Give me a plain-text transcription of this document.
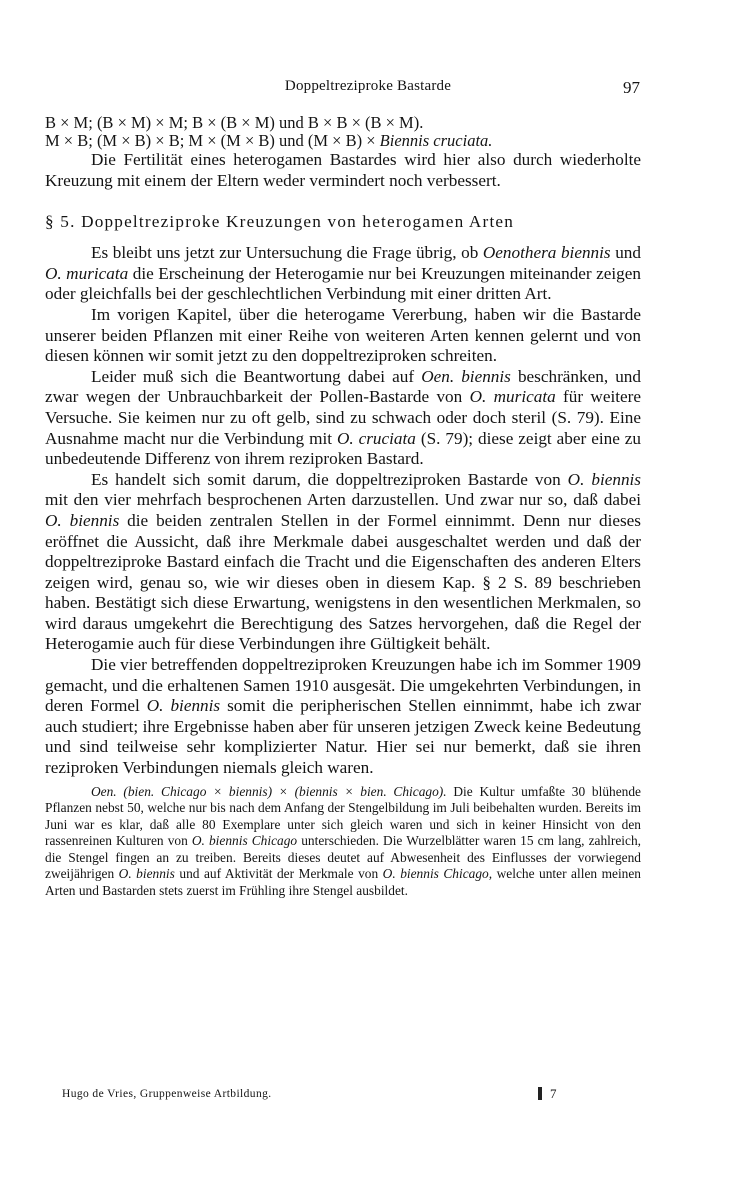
Doppeltreziproke Bastarde	97
B × M; (B × M) × M; B × (B × M) und B × B × (B × M).
M × B; (M × B) × B; M × (M × B) und (M × B) × Biennis cruciata.

Die Fertilität eines heterogamen Bastardes wird hier also durch wiederholte Kreuzung mit einem der Eltern weder vermindert noch verbessert.

§ 5. Doppeltreziproke Kreuzungen von heterogamen Arten

Es bleibt uns jetzt zur Untersuchung die Frage übrig, ob Oenothera biennis und O. muricata die Erscheinung der Heterogamie nur bei Kreuzungen miteinander zeigen oder gleichfalls bei der geschlechtlichen Verbindung mit einer dritten Art.

Im vorigen Kapitel, über die heterogame Vererbung, haben wir die Bastarde unserer beiden Pflanzen mit einer Reihe von weiteren Arten kennen gelernt und von diesen können wir somit jetzt zu den doppeltreziproken schreiten.

Leider muß sich die Beantwortung dabei auf Oen. biennis beschränken, und zwar wegen der Unbrauchbarkeit der Pollen-Bastarde von O. muricata für weitere Versuche. Sie keimen nur zu oft gelb, sind zu schwach oder doch steril (S. 79). Eine Ausnahme macht nur die Verbindung mit O. cruciata (S. 79); diese zeigt aber eine zu unbedeutende Differenz von ihrem reziproken Bastard.

Es handelt sich somit darum, die doppeltreziproken Bastarde von O. biennis mit den vier mehrfach besprochenen Arten darzustellen. Und zwar nur so, daß dabei O. biennis die beiden zentralen Stellen in der Formel einnimmt. Denn nur dieses eröffnet die Aussicht, daß ihre Merkmale dabei ausgeschaltet werden und daß der doppeltreziproke Bastard einfach die Tracht und die Eigenschaften des anderen Elters zeigen wird, genau so, wie wir dieses oben in diesem Kap. § 2 S. 89 beschrieben haben. Bestätigt sich diese Erwartung, wenigstens in den wesentlichen Merkmalen, so wird daraus umgekehrt die Berechtigung des Satzes hervorgehen, daß die Regel der Heterogamie auch für diese Verbindungen ihre Gültigkeit behält.

Die vier betreffenden doppeltreziproken Kreuzungen habe ich im Sommer 1909 gemacht, und die erhaltenen Samen 1910 ausgesät. Die umgekehrten Verbindungen, in deren Formel O. biennis somit die peripherischen Stellen einnimmt, habe ich zwar auch studiert; ihre Ergebnisse haben aber für unseren jetzigen Zweck keine Bedeutung und sind teilweise sehr komplizierter Natur. Hier sei nur bemerkt, daß sie ihren reziproken Verbindungen niemals gleich waren.

Oen. (bien. Chicago × biennis) × (biennis × bien. Chicago). Die Kultur umfaßte 30 blühende Pflanzen nebst 50, welche nur bis nach dem Anfang der Stengelbildung im Juli beibehalten wurden. Bereits im Juni war es klar, daß alle 80 Exemplare unter sich gleich waren und sich in keiner Hinsicht von den rassenreinen Kulturen von O. biennis Chicago unterschieden. Die Wurzelblätter waren 15 cm lang, zahlreich, die Stengel fingen an zu treiben. Bereits dieses deutet auf Abwesenheit des Einflusses der vorwiegend zweijährigen O. biennis und auf Aktivität der Merkmale von O. biennis Chicago, welche unter allen meinen Arten und Bastarden stets zuerst im Frühling ihre Stengel ausbildet.

Hugo de Vries, Gruppenweise Artbildung.	7
